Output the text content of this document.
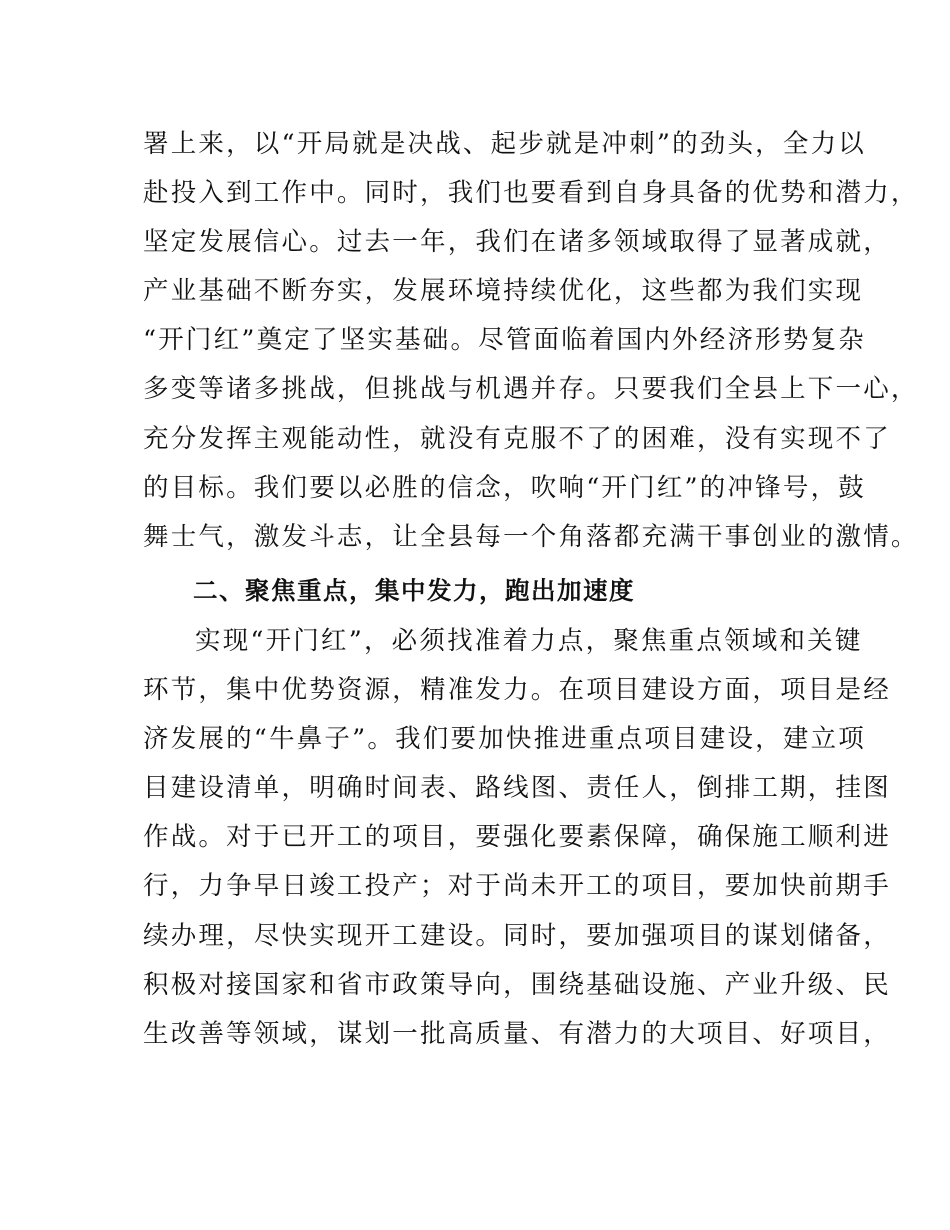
署上来，以“开局就是决战、起步就是冲刺”的劲头，全力以
赴投入到工作中。同时，我们也要看到自身具备的优势和潜力，
坚定发展信心。过去一年，我们在诸多领域取得了显著成就，
产业基础不断夯实，发展环境持续优化，这些都为我们实现
“开门红”奠定了坚实基础。尽管面临着国内外经济形势复杂
多变等诸多挑战，但挑战与机遇并存。只要我们全县上下一心，
充分发挥主观能动性，就没有克服不了的困难，没有实现不了
的目标。我们要以必胜的信念，吹响“开门红”的冲锋号，鼓
舞士气，激发斗志，让全县每一个角落都充满干事创业的激情。
二、聚焦重点，集中发力，跑出加速度
实现“开门红”，必须找准着力点，聚焦重点领域和关键
环节，集中优势资源，精准发力。在项目建设方面，项目是经
济发展的“牛鼻子”。我们要加快推进重点项目建设，建立项
目建设清单，明确时间表、路线图、责任人，倒排工期，挂图
作战。对于已开工的项目，要强化要素保障，确保施工顺利进
行，力争早日竣工投产；对于尚未开工的项目，要加快前期手
续办理，尽快实现开工建设。同时，要加强项目的谋划储备，
积极对接国家和省市政策导向，围绕基础设施、产业升级、民
生改善等领域，谋划一批高质量、有潜力的大项目、好项目，
